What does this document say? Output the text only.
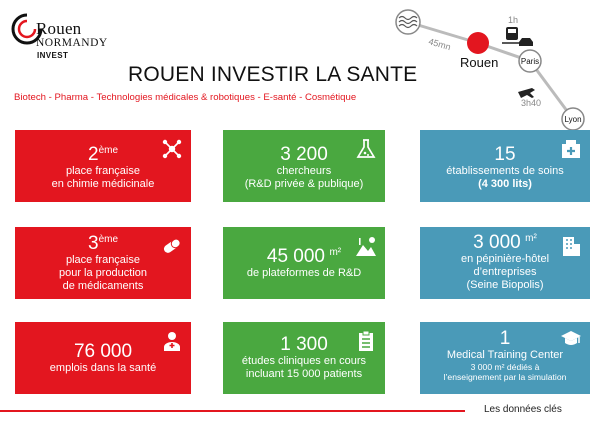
Rouen
NORMANDY
INVEST
ROUEN INVESTIR LA SANTE
Biotech - Pharma - Technologies médicales & robotiques - E-santé - Cosmétique
45mn
Rouen
1h
Paris
3h40
Lyon
2ème
place française
en chimie médicinale
3 200
chercheurs
(R&D privée & publique)
15
établissements de soins
(4 300 lits)
3ème
place française
pour la production
de médicaments
45 000 $^{m^2}$
de plateformes de R&D
3 000 $^{m^2}$
en pépinière-hôtel
d’entreprises
(Seine Biopolis)
76 000
emplois dans la santé
1 300
études cliniques en cours
incluant 15 000 patients
1
Medical Training Center
3 000 m² dédiés à
l’enseignement par la simulation
Les données clés
